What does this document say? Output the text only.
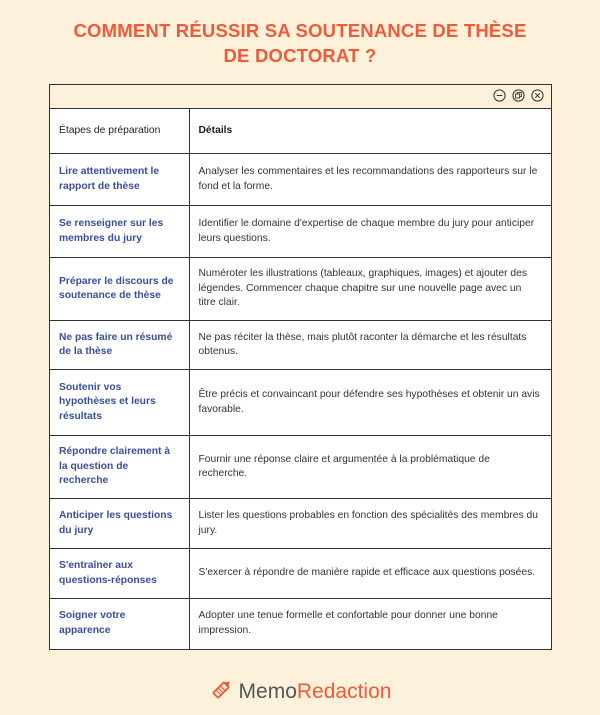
COMMENT RÉUSSIR SA SOUTENANCE DE THÈSE
DE DOCTORAT ?
Étapes de préparation	Détails
Lire attentivement le rapport de thèse	Analyser les commentaires et les recommandations des rapporteurs sur le fond et la forme.
Se renseigner sur les membres du jury	Identifier le domaine d'expertise de chaque membre du jury pour anticiper leurs questions.
Préparer le discours de soutenance de thèse	Numéroter les illustrations (tableaux, graphiques, images) et ajouter des légendes. Commencer chaque chapitre sur une nouvelle page avec un titre clair.
Ne pas faire un résumé de la thèse	Ne pas réciter la thèse, mais plutôt raconter la démarche et les résultats obtenus.
Soutenir vos hypothèses et leurs résultats	Être précis et convaincant pour défendre ses hypothèses et obtenir un avis favorable.
Répondre clairement à la question de recherche	Fournir une réponse claire et argumentée à la problématique de recherche.
Anticiper les questions du jury	Lister les questions probables en fonction des spécialités des membres du jury.
S'entraîner aux questions-réponses	S'exercer à répondre de manière rapide et efficace aux questions posées.
Soigner votre apparence	Adopter une tenue formelle et confortable pour donner une bonne impression.
MemoRedaction
